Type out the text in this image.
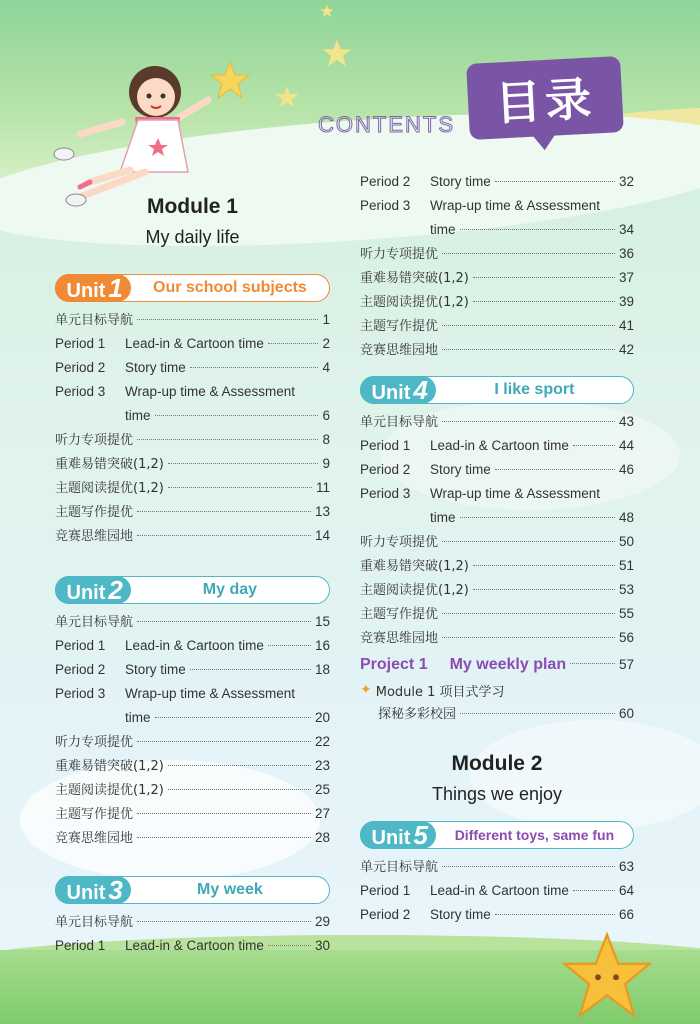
CONTENTS 目录
Module 1
My daily life
Unit 1	Our school subjects
单元目标导航	1
Period 1	Lead-in & Cartoon time	2
Period 2	Story time	4
Period 3	Wrap-up time & Assessment
time	6
听力专项提优	8
重难易错突破(1,2)	9
主题阅读提优(1,2)	11
主题写作提优	13
竞赛思维园地	14
Unit 2	My day
单元目标导航	15
Period 1	Lead-in & Cartoon time	16
Period 2	Story time	18
Period 3	Wrap-up time & Assessment
time	20
听力专项提优	22
重难易错突破(1,2)	23
主题阅读提优(1,2)	25
主题写作提优	27
竞赛思维园地	28
Unit 3	My week
单元目标导航	29
Period 1	Lead-in & Cartoon time	30
Period 2	Story time	32
Period 3	Wrap-up time & Assessment
time	34
听力专项提优	36
重难易错突破(1,2)	37
主题阅读提优(1,2)	39
主题写作提优	41
竞赛思维园地	42
Unit 4	I like sport
单元目标导航	43
Period 1	Lead-in & Cartoon time	44
Period 2	Story time	46
Period 3	Wrap-up time & Assessment
time	48
听力专项提优	50
重难易错突破(1,2)	51
主题阅读提优(1,2)	53
主题写作提优	55
竞赛思维园地	56
Project 1 My weekly plan	57
✦ Module 1 项目式学习
探秘多彩校园	60
Module 2
Things we enjoy
Unit 5	Different toys, same fun
单元目标导航	63
Period 1	Lead-in & Cartoon time	64
Period 2	Story time	66
